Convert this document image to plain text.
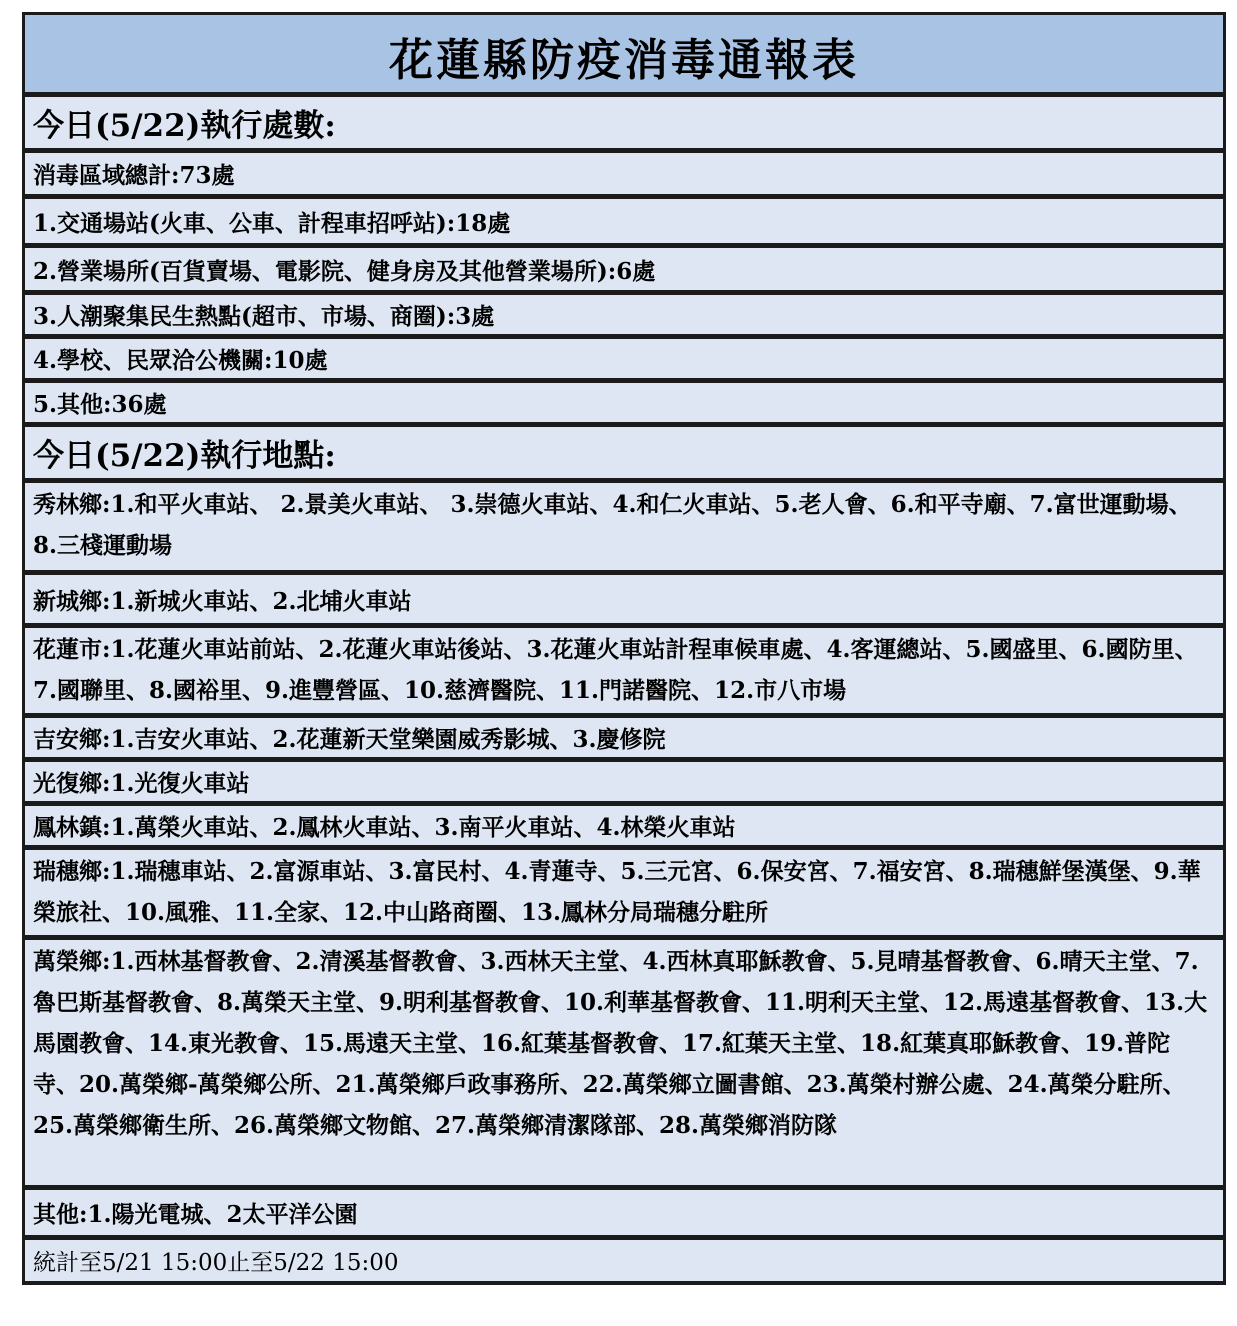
花蓮縣防疫消毒通報表
今日(5/22)執行處數:
消毒區域總計:73處
1.交通場站(火車、公車、計程車招呼站):18處
2.營業場所(百貨賣場、電影院、健身房及其他營業場所):6處
3.人潮聚集民生熱點(超市、市場、商圈):3處
4.學校、民眾洽公機關:10處
5.其他:36處
今日(5/22)執行地點:
秀林鄉:1.和平火車站、 2.景美火車站、 3.崇德火車站、4.和仁火車站、5.老人會、6.和平寺廟、7.富世運動場、8.三棧運動場
新城鄉:1.新城火車站、2.北埔火車站
花蓮市:1.花蓮火車站前站、2.花蓮火車站後站、3.花蓮火車站計程車候車處、4.客運總站、5.國盛里、6.國防里、7.國聯里、8.國裕里、9.進豐營區、10.慈濟醫院、11.門諾醫院、12.市八市場
吉安鄉:1.吉安火車站、2.花蓮新天堂樂園威秀影城、3.慶修院
光復鄉:1.光復火車站
鳳林鎮:1.萬榮火車站、2.鳳林火車站、3.南平火車站、4.林榮火車站
瑞穗鄉:1.瑞穗車站、2.富源車站、3.富民村、4.青蓮寺、5.三元宮、6.保安宮、7.福安宮、8.瑞穗鮮堡漢堡、9.華榮旅社、10.風雅、11.全家、12.中山路商圈、13.鳳林分局瑞穗分駐所
萬榮鄉:1.西林基督教會、2.清溪基督教會、3.西林天主堂、4.西林真耶穌教會、5.見晴基督教會、6.晴天主堂、7.魯巴斯基督教會、8.萬榮天主堂、9.明利基督教會、10.利華基督教會、11.明利天主堂、12.馬遠基督教會、13.大馬園教會、14.東光教會、15.馬遠天主堂、16.紅葉基督教會、17.紅葉天主堂、18.紅葉真耶穌教會、19.普陀寺、20.萬榮鄉-萬榮鄉公所、21.萬榮鄉戶政事務所、22.萬榮鄉立圖書館、23.萬榮村辦公處、24.萬榮分駐所、25.萬榮鄉衛生所、26.萬榮鄉文物館、27.萬榮鄉清潔隊部、28.萬榮鄉消防隊
其他:1.陽光電城、2太平洋公園
統計至5/21 15:00止至5/22 15:00
